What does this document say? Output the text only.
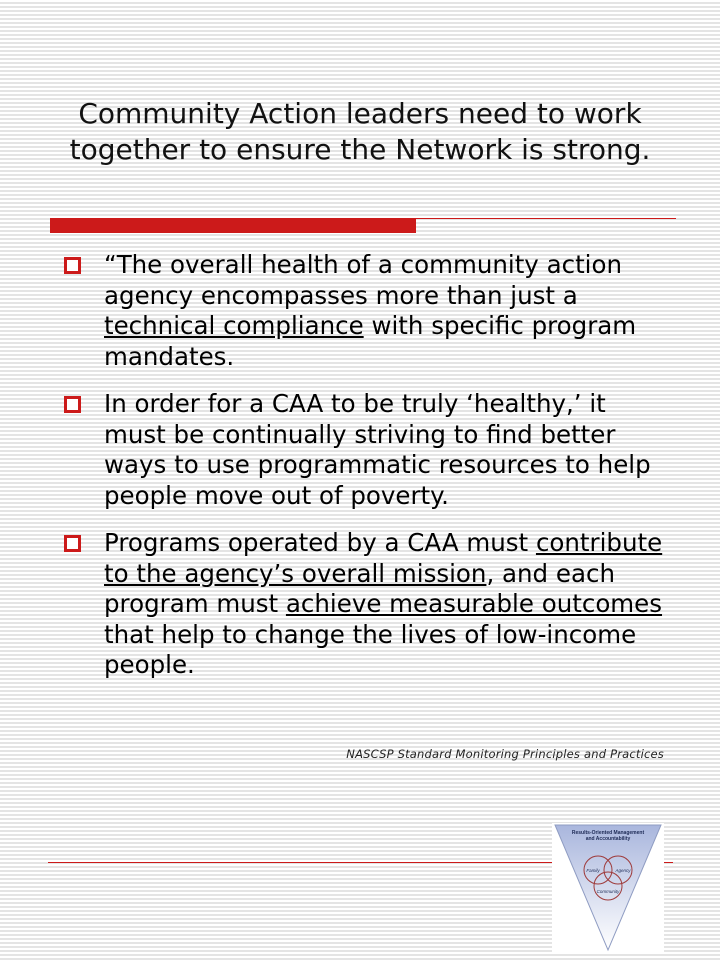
Community Action leaders need to work together to ensure the Network is strong.
“The overall health of a community action agency encompasses more than just a technical compliance with specific program mandates.
In order for a CAA to be truly ‘healthy,’ it must be continually striving to find better ways to use programmatic resources to help people move out of poverty.
Programs operated by a CAA must contribute to the agency’s overall mission, and each program must achieve measurable outcomes that help to change the lives of low-income people.
NASCSP Standard Monitoring Principles and Practices
Results-Oriented Management
and Accountability
Family	Agency
Community
